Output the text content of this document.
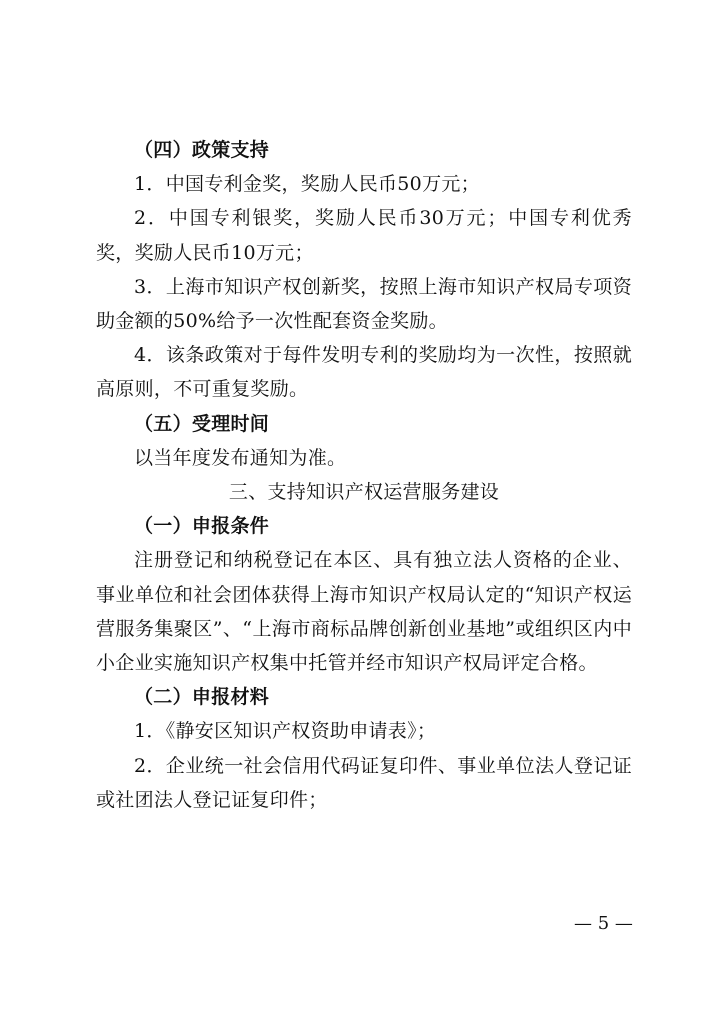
（四）政策支持

1．中国专利金奖，奖励人民币50万元；

2．中国专利银奖，奖励人民币30万元；中国专利优秀奖，奖励人民币10万元；

3．上海市知识产权创新奖，按照上海市知识产权局专项资助金额的50%给予一次性配套资金奖励。

4．该条政策对于每件发明专利的奖励均为一次性，按照就高原则，不可重复奖励。

（五）受理时间

以当年度发布通知为准。

三、支持知识产权运营服务建设

（一）申报条件

注册登记和纳税登记在本区、具有独立法人资格的企业、事业单位和社会团体获得上海市知识产权局认定的“知识产权运营服务集聚区”、“上海市商标品牌创新创业基地”或组织区内中小企业实施知识产权集中托管并经市知识产权局评定合格。

（二）申报材料

1．《静安区知识产权资助申请表》；

2．企业统一社会信用代码证复印件、事业单位法人登记证或社团法人登记证复印件；

— 5 —
